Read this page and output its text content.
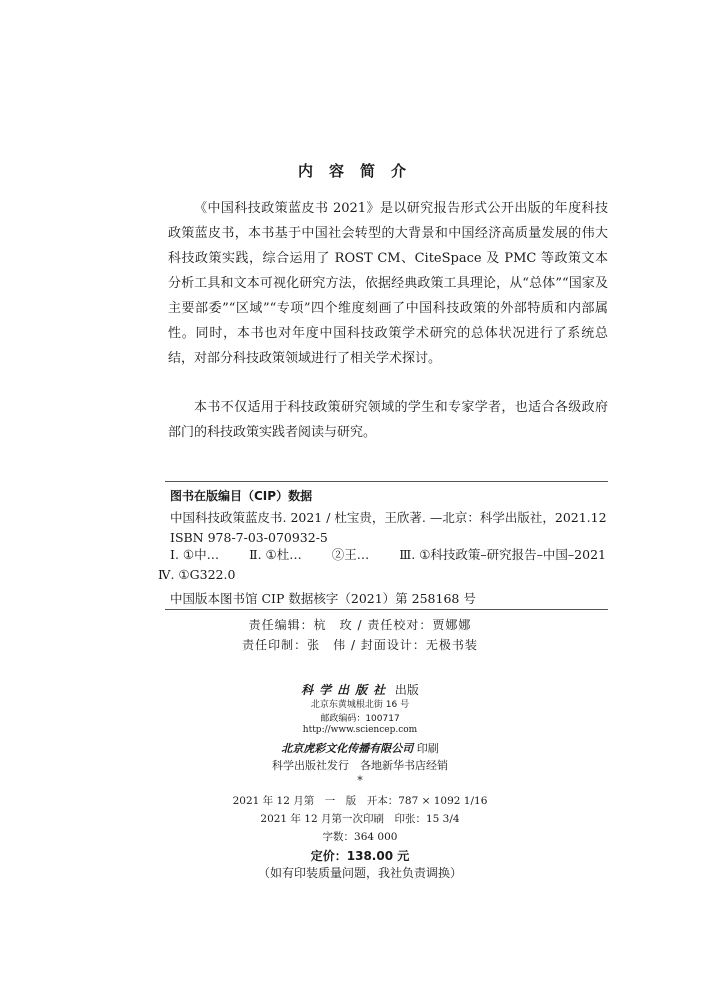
内容简介
《中国科技政策蓝皮书 2021》是以研究报告形式公开出版的年度科技政策蓝皮书，本书基于中国社会转型的大背景和中国经济高质量发展的伟大科技政策实践，综合运用了 ROST CM、CiteSpace 及 PMC 等政策文本分析工具和文本可视化研究方法，依据经典政策工具理论，从“总体”“国家及主要部委”“区域”“专项”四个维度刻画了中国科技政策的外部特质和内部属性。同时，本书也对年度中国科技政策学术研究的总体状况进行了系统总结，对部分科技政策领域进行了相关学术探讨。
本书不仅适用于科技政策研究领域的学生和专家学者，也适合各级政府部门的科技政策实践者阅读与研究。
图书在版编目（CIP）数据
中国科技政策蓝皮书. 2021 / 杜宝贵，王欣著. —北京：科学出版社，2021.12
ISBN 978-7-03-070932-5
Ⅰ. ①中… Ⅱ. ①杜… ②王… Ⅲ. ①科技政策–研究报告–中国–2021
Ⅳ. ①G322.0
中国版本图书馆 CIP 数据核字（2021）第 258168 号
责任编辑：杭　玫 / 责任校对：贾娜娜
责任印制：张　伟 / 封面设计：无极书装
科学出版社 出版
北京东黄城根北街 16 号
邮政编码：100717
http://www.sciencep.com
北京虎彩文化传播有限公司 印刷
科学出版社发行　各地新华书店经销
*
2021 年 12 月第　一　版　开本：787 × 1092 1/16
2021 年 12 月第一次印刷　印张：15 3/4
字数：364 000
定价：138.00 元
（如有印装质量问题，我社负责调换）
